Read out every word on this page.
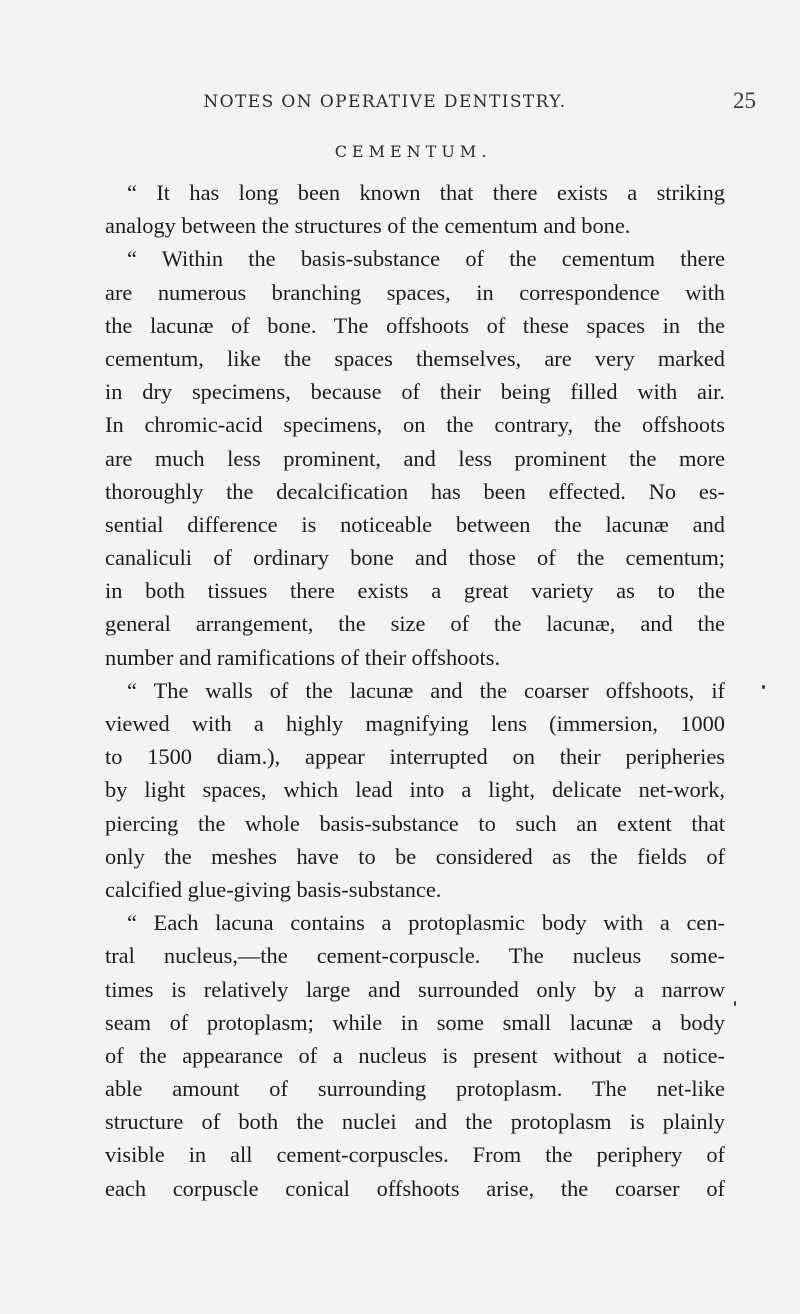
NOTES ON OPERATIVE DENTISTRY.	25
CEMENTUM.
“ It has long been known that there exists a striking
analogy between the structures of the cementum and bone.
“ Within the basis-substance of the cementum there
are numerous branching spaces, in correspondence with
the lacunæ of bone. The offshoots of these spaces in the
cementum, like the spaces themselves, are very marked
in dry specimens, because of their being filled with air.
In chromic-acid specimens, on the contrary, the offshoots
are much less prominent, and less prominent the more
thoroughly the decalcification has been effected. No es-
sential difference is noticeable between the lacunæ and
canaliculi of ordinary bone and those of the cementum;
in both tissues there exists a great variety as to the
general arrangement, the size of the lacunæ, and the
number and ramifications of their offshoots.
“ The walls of the lacunæ and the coarser offshoots, if
viewed with a highly magnifying lens (immersion, 1000
to 1500 diam.), appear interrupted on their peripheries
by light spaces, which lead into a light, delicate net-work,
piercing the whole basis-substance to such an extent that
only the meshes have to be considered as the fields of
calcified glue-giving basis-substance.
“ Each lacuna contains a protoplasmic body with a cen-
tral nucleus,—the cement-corpuscle. The nucleus some-
times is relatively large and surrounded only by a narrow
seam of protoplasm; while in some small lacunæ a body
of the appearance of a nucleus is present without a notice-
able amount of surrounding protoplasm. The net-like
structure of both the nuclei and the protoplasm is plainly
visible in all cement-corpuscles. From the periphery of
each corpuscle conical offshoots arise, the coarser of
